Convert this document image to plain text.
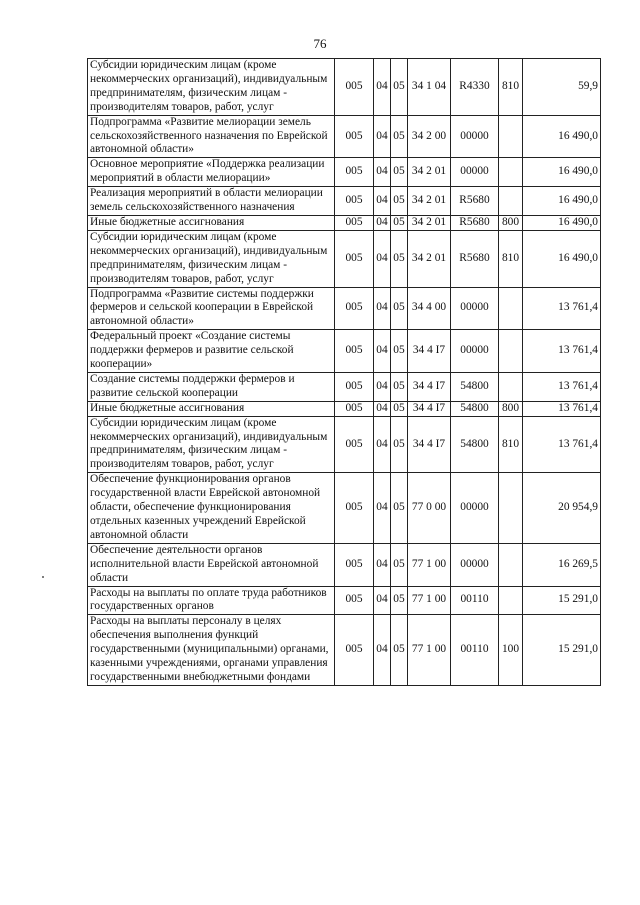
76
Субсидии юридическим лицам (кроме некоммерческих организаций), индивидуальным предпринимателям, физическим лицам - производителям товаров, работ, услуг	005	04	05	34 1 04	R4330	810	59,9
Подпрограмма «Развитие мелиорации земель сельскохозяйственного назначения по Еврейской автономной области»	005	04	05	34 2 00	00000		16 490,0
Основное мероприятие «Поддержка реализации мероприятий в области мелиорации»	005	04	05	34 2 01	00000		16 490,0
Реализация мероприятий в области мелиорации земель сельскохозяйственного назначения	005	04	05	34 2 01	R5680		16 490,0
Иные бюджетные ассигнования	005	04	05	34 2 01	R5680	800	16 490,0
Субсидии юридическим лицам (кроме некоммерческих организаций), индивидуальным предпринимателям, физическим лицам - производителям товаров, работ, услуг	005	04	05	34 2 01	R5680	810	16 490,0
Подпрограмма «Развитие системы поддержки фермеров и сельской кооперации в Еврейской автономной области»	005	04	05	34 4 00	00000		13 761,4
Федеральный проект «Создание системы поддержки фермеров и развитие сельской кооперации»	005	04	05	34 4 I7	00000		13 761,4
Создание системы поддержки фермеров и развитие сельской кооперации	005	04	05	34 4 I7	54800		13 761,4
Иные бюджетные ассигнования	005	04	05	34 4 I7	54800	800	13 761,4
Субсидии юридическим лицам (кроме некоммерческих организаций), индивидуальным предпринимателям, физическим лицам - производителям товаров, работ, услуг	005	04	05	34 4 I7	54800	810	13 761,4
Обеспечение функционирования органов государственной власти Еврейской автономной области, обеспечение функционирования отдельных казенных учреждений Еврейской автономной области	005	04	05	77 0 00	00000		20 954,9
Обеспечение деятельности органов исполнительной власти Еврейской автономной области	005	04	05	77 1 00	00000		16 269,5
Расходы на выплаты по оплате труда работников государственных органов	005	04	05	77 1 00	00110		15 291,0
Расходы на выплаты персоналу в целях обеспечения выполнения функций государственными (муниципальными) органами, казенными учреждениями, органами управления государственными внебюджетными фондами	005	04	05	77 1 00	00110	100	15 291,0
